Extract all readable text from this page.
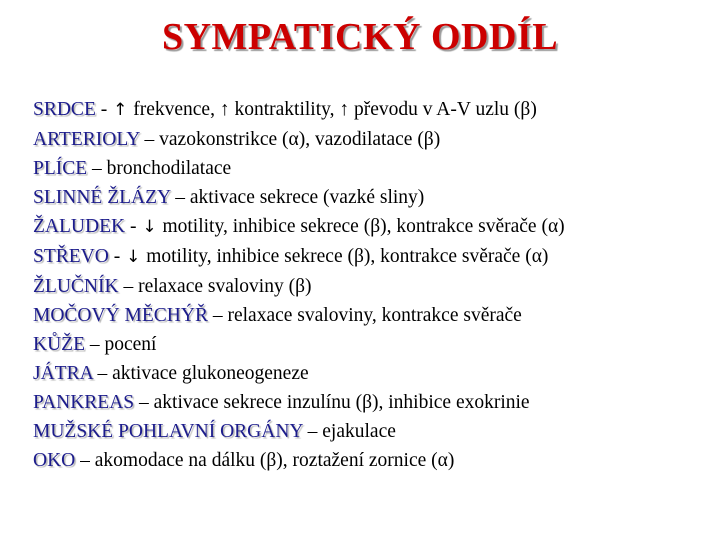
SYMPATICKÝ ODDÍL
SRDCE - ↑ frekvence, ↑ kontraktility, ↑ převodu v A-V uzlu (β)
ARTERIOLY – vazokonstrikce (α), vazodilatace (β)
PLÍCE – bronchodilatace
SLINNÉ ŽLÁZY – aktivace sekrece (vazké sliny)
ŽALUDEK - ↓ motility, inhibice sekrece (β), kontrakce svěrače (α)
STŘEVO - ↓ motility, inhibice sekrece (β), kontrakce svěrače (α)
ŽLUČNÍK – relaxace svaloviny (β)
MOČOVÝ MĚCHÝŘ – relaxace svaloviny, kontrakce svěrače
KŮŽE – pocení
JÁTRA – aktivace glukoneogeneze
PANKREAS – aktivace sekrece inzulínu (β), inhibice exokrinie
MUŽSKÉ POHLAVNÍ ORGÁNY – ejakulace
OKO – akomodace na dálku (β), roztažení zornice (α)
